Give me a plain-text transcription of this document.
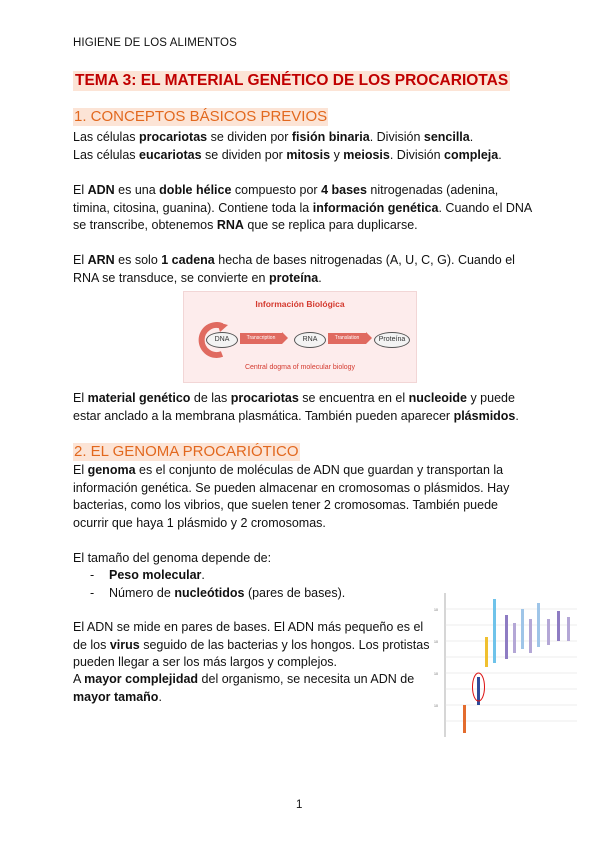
HIGIENE DE LOS ALIMENTOS
TEMA 3: EL MATERIAL GENÉTICO DE LOS PROCARIOTAS
1. CONCEPTOS BÁSICOS PREVIOS
Las células procariotas se dividen por fisión binaria. División sencilla.
Las células eucariotas se dividen por mitosis y meiosis. División compleja.
El ADN es una doble hélice compuesto por 4 bases nitrogenadas (adenina, timina, citosina, guanina). Contiene toda la información genética. Cuando el DNA se transcribe, obtenemos RNA que se replica para duplicarse.
El ARN es solo 1 cadena hecha de bases nitrogenadas (A, U, C, G). Cuando el RNA se transduce, se convierte en proteína.
Información Biológica
DNA	Transcription	RNA	Translation	Proteína
Central dogma of molecular biology
El material genético de las procariotas se encuentra en el nucleoide y puede estar anclado a la membrana plasmática. También pueden aparecer plásmidos.
2. EL GENOMA PROCARIÓTICO
El genoma es el conjunto de moléculas de ADN que guardan y transportan la información genética. Se pueden almacenar en cromosomas o plásmidos. Hay bacterias, como los vibrios, que suelen tener 2 cromosomas. También puede ocurrir que haya 1 plásmido y 2 cromosomas.
El tamaño del genoma depende de:
-	Peso molecular.
-	Número de nucleótidos (pares de bases).
El ADN se mide en pares de bases. El ADN más pequeño es el de los virus seguido de las bacterias y los hongos. Los protistas pueden llegar a ser los más largos y complejos.
A mayor complejidad del organismo, se necesita un ADN de mayor tamaño.
10
10
10
10
1
